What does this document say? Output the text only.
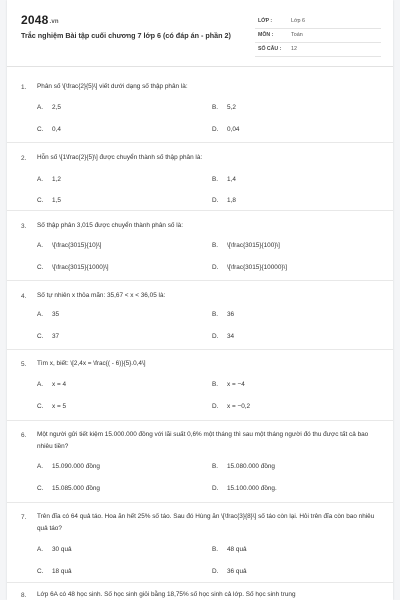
2048.vn
Trắc nghiệm Bài tập cuối chương 7 lớp 6 (có đáp án - phần 2)
LỚP :	Lớp 6
MÔN :	Toán
SỐ CÂU : 12
1. Phân số \[\frac{2}{5}\] viết dưới dạng số thập phân là:
A. 2,5	B. 5,2
C. 0,4	D. 0,04
2. Hỗn số \[1\frac{2}{5}\] được chuyển thành số thập phân là:
A. 1,2	B. 1,4
C. 1,5	D. 1,8
3. Số thập phân 3,015 được chuyển thành phân số là:
A. \[\frac{3015}{10}\]	B. \[\frac{3015}{100}\]
C. \[\frac{3015}{1000}\]	D. \[\frac{3015}{10000}\]
4. Số tự nhiên x thỏa mãn: 35,67 < x < 36,05 là:
A. 35	B. 36
C. 37	D. 34
5. Tìm x, biết: \[2,4x = \frac{( - 6)}{5}.0,4\]
A. x = 4	B. x = −4
C. x = 5	D. x = −0,2
6. Một người gửi tiết kiệm 15.000.000 đồng với lãi suất 0,6% một tháng thì sau một tháng người đó thu được tất cả bao nhiêu tiền?
A. 15.090.000 đồng	B. 15.080.000 đồng
C. 15.085.000 đồng	D. 15.100.000 đồng.
7. Trên đĩa có 64 quả táo. Hoa ăn hết 25% số táo. Sau đó Hùng ăn \[\frac{3}{8}\] số táo còn lại. Hỏi trên đĩa còn bao nhiêu quả táo?
A. 30 quả	B. 48 quả
C. 18 quả	D. 36 quả
8. Lớp 6A có 48 học sinh. Số học sinh giỏi bằng 18,75% số học sinh cả lớp. Số học sinh trung
